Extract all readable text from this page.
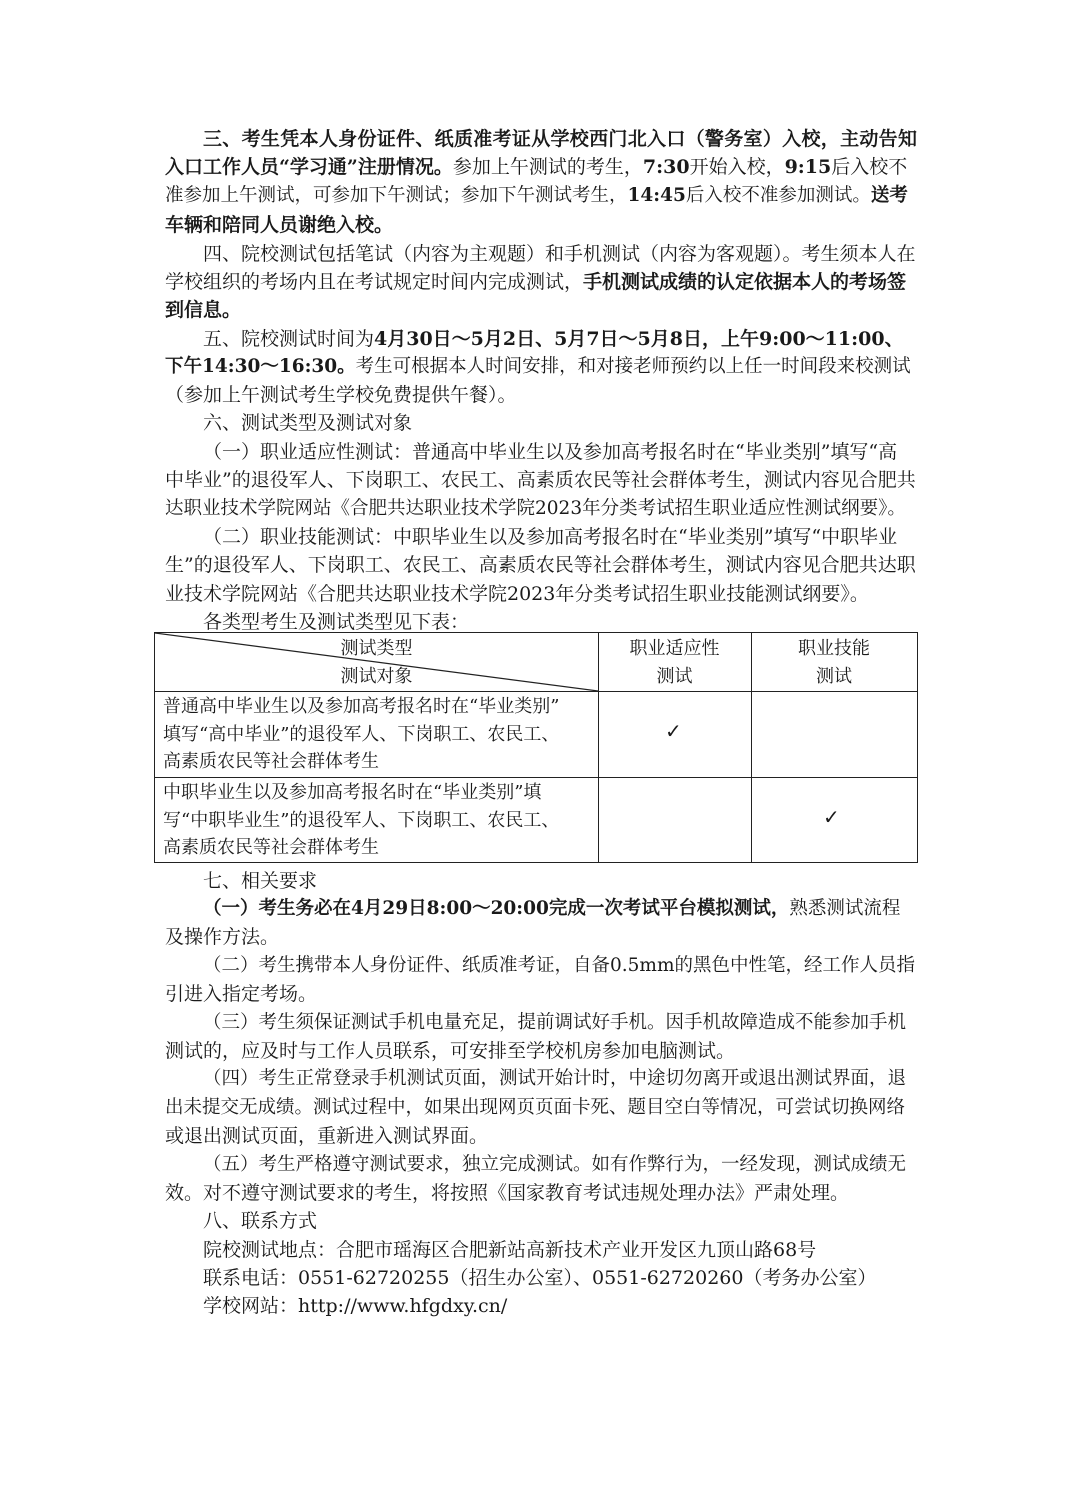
三、考生凭本人身份证件、纸质准考证从学校西门北入口（警务室）入校，主动告知
入口工作人员“学习通”注册情况。参加上午测试的考生，7:30开始入校，9:15后入校不
准参加上午测试，可参加下午测试；参加下午测试考生，14:45后入校不准参加测试。送考
车辆和陪同人员谢绝入校。
四、院校测试包括笔试（内容为主观题）和手机测试（内容为客观题）。考生须本人在
学校组织的考场内且在考试规定时间内完成测试，手机测试成绩的认定依据本人的考场签
到信息。
五、院校测试时间为4月30日～5月2日、5月7日～5月8日，上午9:00～11:00、
下午14:30～16:30。考生可根据本人时间安排，和对接老师预约以上任一时间段来校测试
（参加上午测试考生学校免费提供午餐）。
六、测试类型及测试对象
（一）职业适应性测试：普通高中毕业生以及参加高考报名时在“毕业类别”填写“高
中毕业”的退役军人、下岗职工、农民工、高素质农民等社会群体考生，测试内容见合肥共
达职业技术学院网站《合肥共达职业技术学院2023年分类考试招生职业适应性测试纲要》。
（二）职业技能测试：中职毕业生以及参加高考报名时在“毕业类别”填写“中职毕业
生”的退役军人、下岗职工、农民工、高素质农民等社会群体考生，测试内容见合肥共达职
业技术学院网站《合肥共达职业技术学院2023年分类考试招生职业技能测试纲要》。
各类型考生及测试类型见下表：
测试类型
测试对象
职业适应性
测试
职业技能
测试
普通高中毕业生以及参加高考报名时在“毕业类别”
填写“高中毕业”的退役军人、下岗职工、农民工、
高素质农民等社会群体考生
✓
中职毕业生以及参加高考报名时在“毕业类别”填
写“中职毕业生”的退役军人、下岗职工、农民工、
高素质农民等社会群体考生
✓
七、相关要求
（一）考生务必在4月29日8:00～20:00完成一次考试平台模拟测试，熟悉测试流程
及操作方法。
（二）考生携带本人身份证件、纸质准考证，自备0.5mm的黑色中性笔，经工作人员指
引进入指定考场。
（三）考生须保证测试手机电量充足，提前调试好手机。因手机故障造成不能参加手机
测试的，应及时与工作人员联系，可安排至学校机房参加电脑测试。
（四）考生正常登录手机测试页面，测试开始计时，中途切勿离开或退出测试界面，退
出未提交无成绩。测试过程中，如果出现网页页面卡死、题目空白等情况，可尝试切换网络
或退出测试页面，重新进入测试界面。
（五）考生严格遵守测试要求，独立完成测试。如有作弊行为，一经发现，测试成绩无
效。对不遵守测试要求的考生，将按照《国家教育考试违规处理办法》严肃处理。
八、联系方式
院校测试地点：合肥市瑶海区合肥新站高新技术产业开发区九顶山路68号
联系电话：0551-62720255（招生办公室）、0551-62720260（考务办公室）
学校网站：http://www.hfgdxy.cn/
